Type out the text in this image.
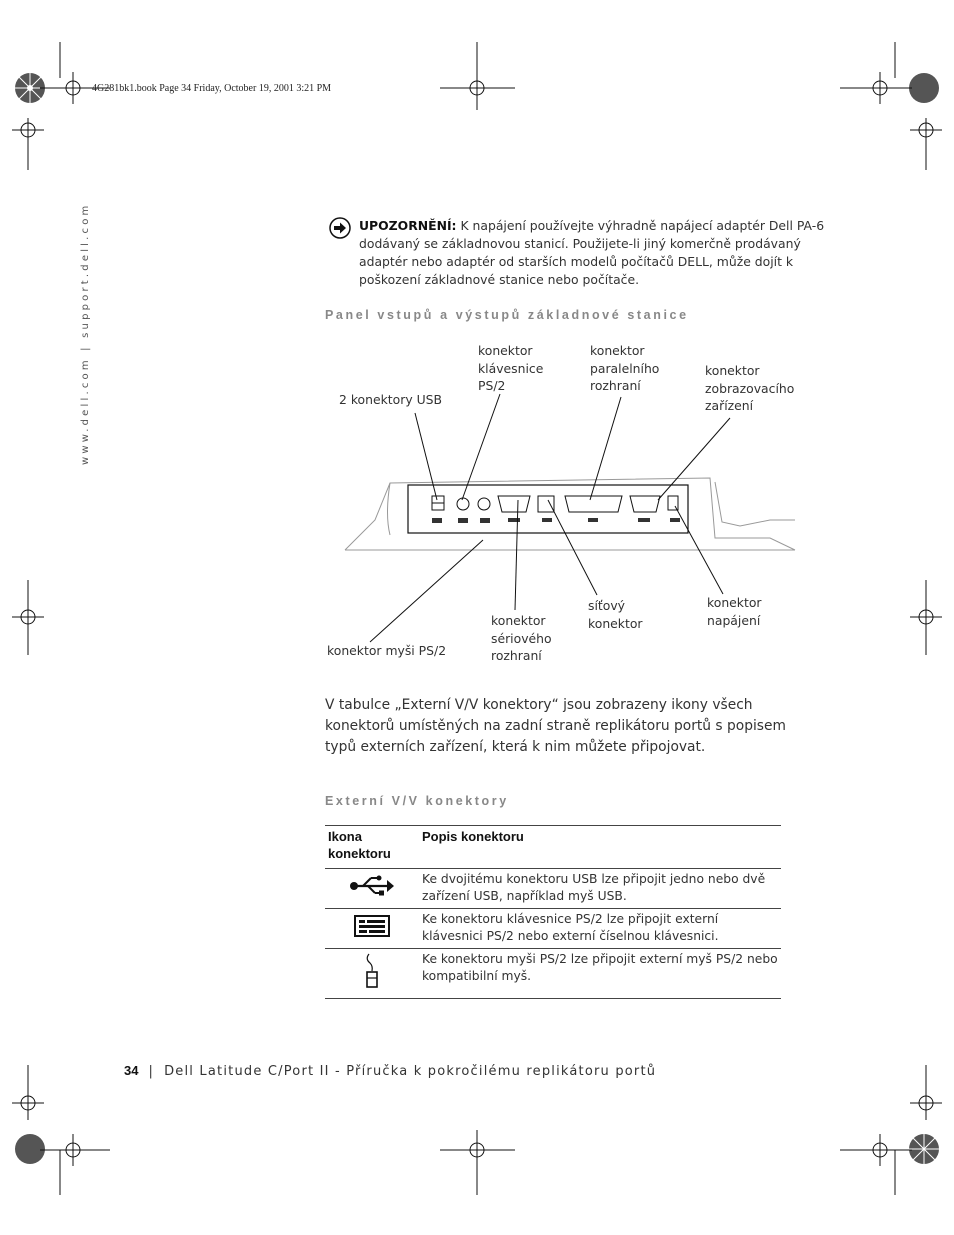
4G281bk1.book Page 34 Friday, October 19, 2001 3:21 PM
www.dell.com | support.dell.com	UPOZORNĚNÍ: K napájení používejte výhradně napájecí adaptér Dell PA-6 dodávaný se základnovou stanicí. Použijete-li jiný komerčně prodávaný adaptér nebo adaptér od starších modelů počítačů DELL, může dojít k poškození základnové stanice nebo počítače.
Panel vstupů a výstupů základnové stanice
2 konektory USB
konektor
klávesnice
PS/2
konektor
paralelního
rozhraní
konektor
zobrazovacího
zařízení
konektor myši PS/2
konektor
sériového
rozhraní
síťový
konektor
konektor
napájení
V tabulce „Externí V/V konektory“ jsou zobrazeny ikony všech konektorů umístěných na zadní straně replikátoru portů s popisem typů externích zařízení, která k nim můžete připojovat.
Externí V/V konektory
Ikona
konektoru	Popis konektoru
	Ke dvojitému konektoru USB lze připojit jedno nebo dvě zařízení USB, například myš USB.
	Ke konektoru klávesnice PS/2 lze připojit externí klávesnici PS/2 nebo externí číselnou klávesnici.
	Ke konektoru myši PS/2 lze připojit externí myš PS/2 nebo kompatibilní myš.
34 | Dell Latitude C/Port II - Příručka k pokročilému replikátoru portů
